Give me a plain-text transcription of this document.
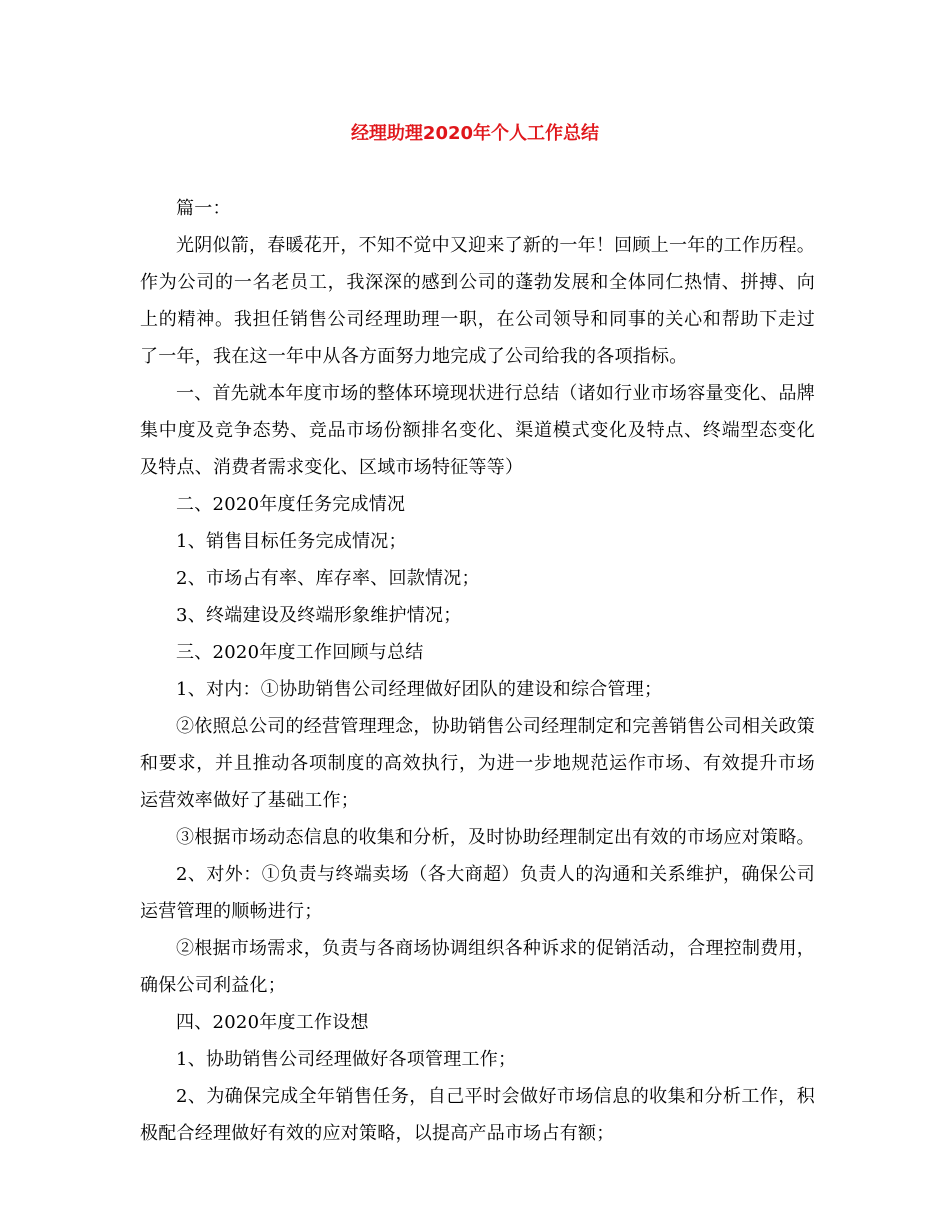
经理助理2020年个人工作总结

篇一：

光阴似箭，春暖花开，不知不觉中又迎来了新的一年！回顾上一年的工作历程。作为公司的一名老员工，我深深的感到公司的蓬勃发展和全体同仁热情、拼搏、向上的精神。我担任销售公司经理助理一职，在公司领导和同事的关心和帮助下走过了一年，我在这一年中从各方面努力地完成了公司给我的各项指标。

一、首先就本年度市场的整体环境现状进行总结（诸如行业市场容量变化、品牌集中度及竞争态势、竞品市场份额排名变化、渠道模式变化及特点、终端型态变化及特点、消费者需求变化、区域市场特征等等）

二、2020年度任务完成情况

1、销售目标任务完成情况；

2、市场占有率、库存率、回款情况；

3、终端建设及终端形象维护情况；

三、2020年度工作回顾与总结

1、对内：①协助销售公司经理做好团队的建设和综合管理；

②依照总公司的经营管理理念，协助销售公司经理制定和完善销售公司相关政策和要求，并且推动各项制度的高效执行，为进一步地规范运作市场、有效提升市场运营效率做好了基础工作；

③根据市场动态信息的收集和分析，及时协助经理制定出有效的市场应对策略。

2、对外：①负责与终端卖场（各大商超）负责人的沟通和关系维护，确保公司运营管理的顺畅进行；

②根据市场需求，负责与各商场协调组织各种诉求的促销活动，合理控制费用，确保公司利益化；

四、2020年度工作设想

1、协助销售公司经理做好各项管理工作；

2、为确保完成全年销售任务，自己平时会做好市场信息的收集和分析工作，积极配合经理做好有效的应对策略，以提高产品市场占有额；
